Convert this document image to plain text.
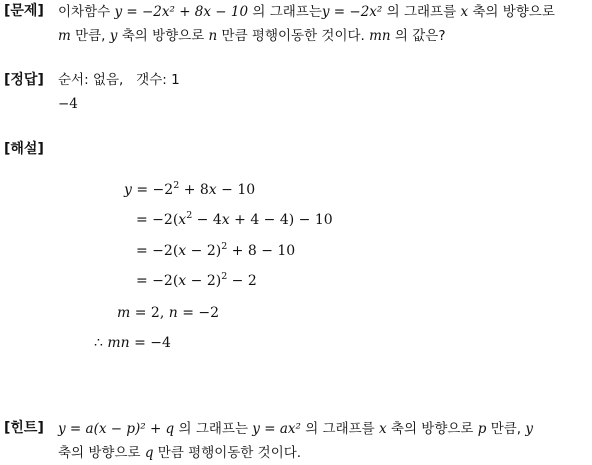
[문제] 이차함수 y = −2x² + 8x − 10 의 그래프는y = −2x² 의 그래프를 x 축의 방향으로
m 만큼, y 축의 방향으로 n 만큼 평행이동한 것이다. mn 의 값은?
[정답] 순서: 없음,   갯수: 1
−4
[해설]
$y = -2^2 + 8x - 10$
= $-2(x^2 - 4x + 4 - 4) - 10$
= $-2(x - 2)^2 + 8 - 10$
= $-2(x - 2)^2 - 2$
m = 2, n = −2
∴ mn = −4
[힌트] y = a(x − p)² + q 의 그래프는 y = ax² 의 그래프를 x 축의 방향으로 p 만큼, y
축의 방향으로 q 만큼 평행이동한 것이다.
